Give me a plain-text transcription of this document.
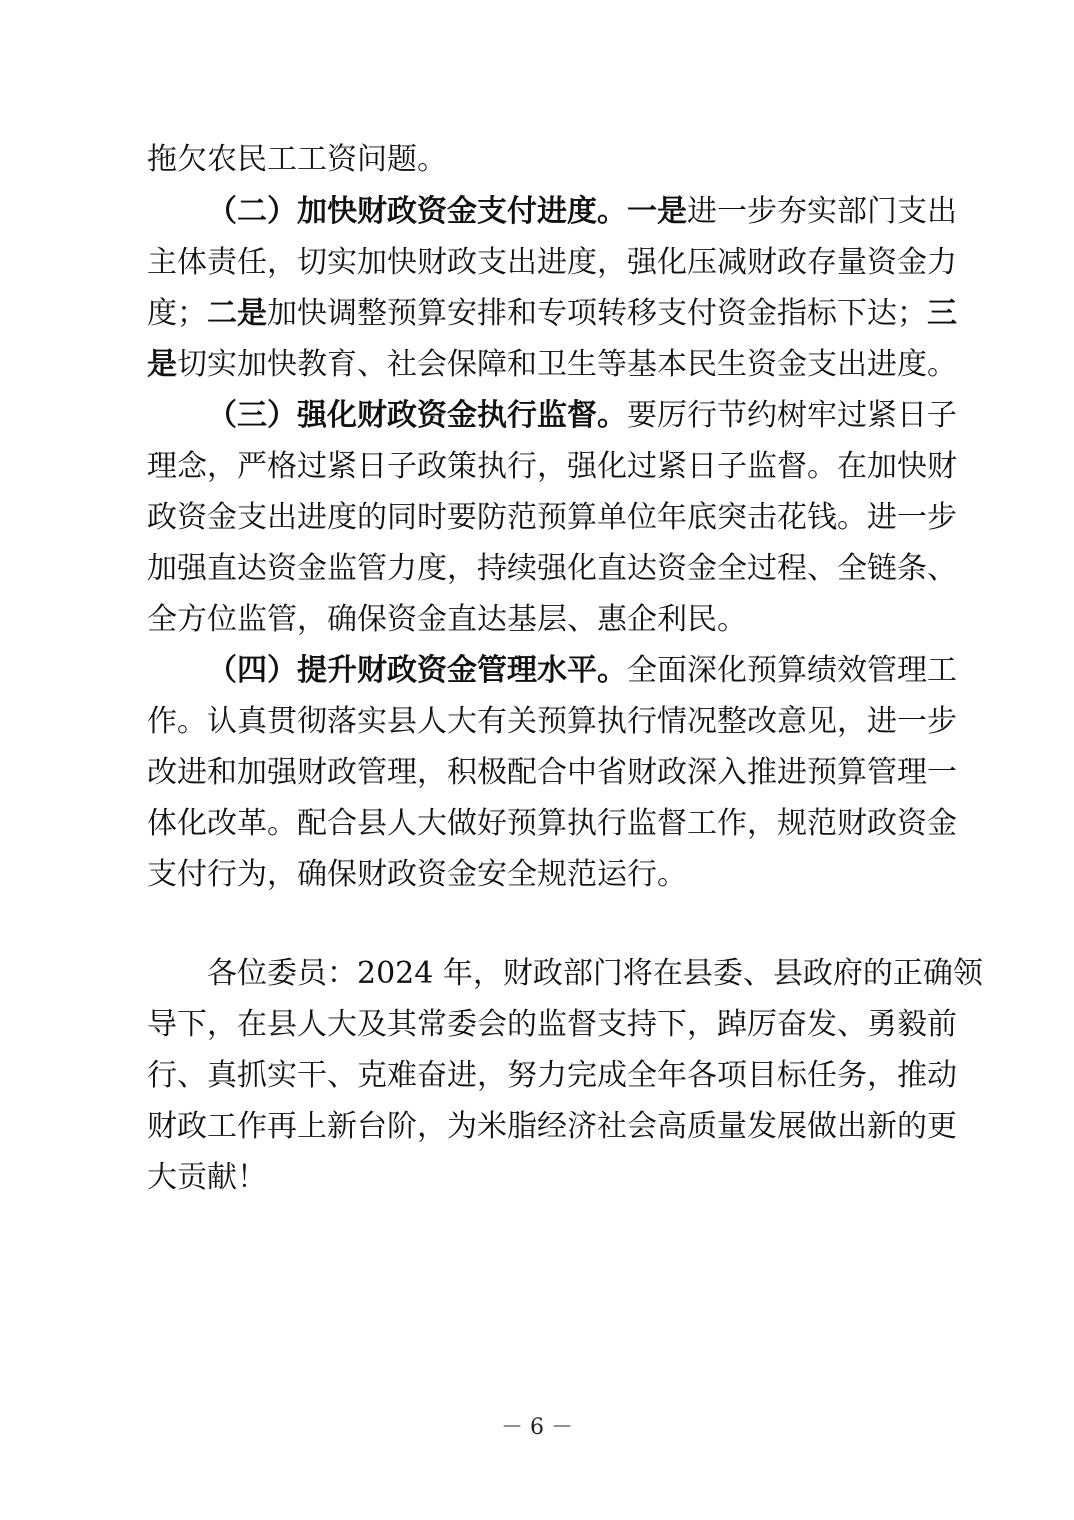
拖欠农民工工资问题。
（二）加快财政资金支付进度。 一是 进一步夯实部门支出
主体责任，切实加快财政支出进度，强化压减财政存量资金力
度； 二是 加快调整预算安排和专项转移支付资金指标下达； 三
是 切实加快教育、社会保障和卫生等基本民生资金支出进度。
（三）强化财政资金执行监督。 要厉行节约树牢过紧日子
理念，严格过紧日子政策执行，强化过紧日子监督。在加快财
政资金支出进度的同时要防范预算单位年底突击花钱。进一步
加强直达资金监管力度，持续强化直达资金全过程、全链条、
全方位监管，确保资金直达基层、惠企利民。
（四）提升财政资金管理水平。 全面深化预算绩效管理工
作。认真贯彻落实县人大有关预算执行情况整改意见，进一步
改进和加强财政管理，积极配合中省财政深入推进预算管理一
体化改革。配合县人大做好预算执行监督工作，规范财政资金
支付行为，确保财政资金安全规范运行。
各位委员：2024 年，财政部门将在县委、县政府的正确领
导下，在县人大及其常委会的监督支持下，踔厉奋发、勇毅前
行、真抓实干、克难奋进，努力完成全年各项目标任务，推动
财政工作再上新台阶，为米脂经济社会高质量发展做出新的更
大贡献！
－ 6 －
